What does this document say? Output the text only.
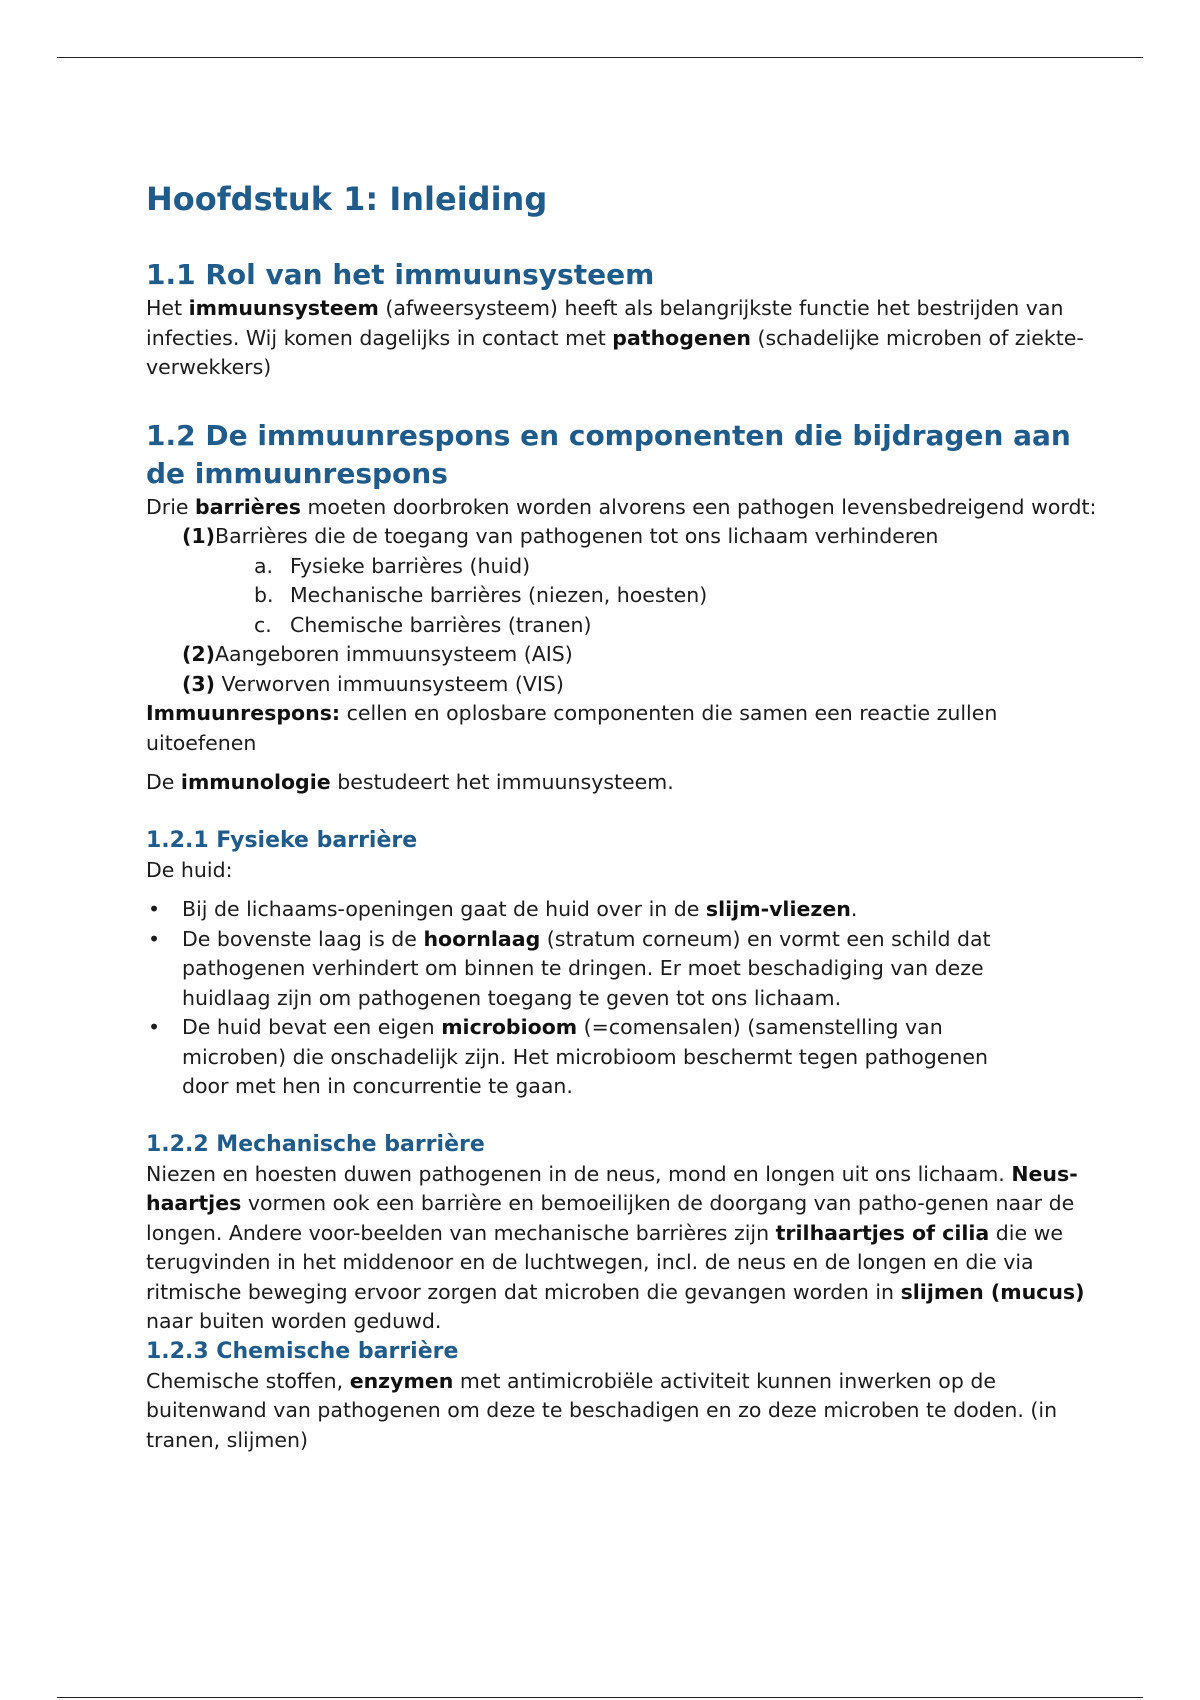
Hoofdstuk 1: Inleiding
1.1 Rol van het immuunsysteem

Het immuunsysteem (afweersysteem) heeft als belangrijkste functie het bestrijden van infecties. Wij komen dagelijks in contact met pathogenen (schadelijke microben of ziekte-verwekkers)

1.2 De immuunrespons en componenten die bijdragen aan de immuunrespons

Drie barrières moeten doorbroken worden alvorens een pathogen levensbedreigend wordt:

(1)Barrières die de toegang van pathogenen tot ons lichaam verhinderen
a. Fysieke barrières (huid)
b. Mechanische barrières (niezen, hoesten)
c. Chemische barrières (tranen)
(2)Aangeboren immuunsysteem (AIS)
(3) Verworven immuunsysteem (VIS)

Immuunrespons: cellen en oplosbare componenten die samen een reactie zullen uitoefenen

De immunologie bestudeert het immuunsysteem.

1.2.1 Fysieke barrière

De huid:

• Bij de lichaams-openingen gaat de huid over in de slijm-vliezen.
• De bovenste laag is de hoornlaag (stratum corneum) en vormt een schild dat pathogenen verhindert om binnen te dringen. Er moet beschadiging van deze huidlaag zijn om pathogenen toegang te geven tot ons lichaam.
• De huid bevat een eigen microbioom (=comensalen) (samenstelling van microben) die onschadelijk zijn. Het microbioom beschermt tegen pathogenen door met hen in concurrentie te gaan.
1.2.2 Mechanische barrière

Niezen en hoesten duwen pathogenen in de neus, mond en longen uit ons lichaam. Neus-haartjes vormen ook een barrière en bemoeilijken de doorgang van patho-genen naar de longen. Andere voor-beelden van mechanische barrières zijn trilhaartjes of cilia die we terugvinden in het middenoor en de luchtwegen, incl. de neus en de longen en die via ritmische beweging ervoor zorgen dat microben die gevangen worden in slijmen (mucus) naar buiten worden geduwd.

1.2.3 Chemische barrière

Chemische stoffen, enzymen met antimicrobiële activiteit kunnen inwerken op de buitenwand van pathogenen om deze te beschadigen en zo deze microben te doden. (in tranen, slijmen)
